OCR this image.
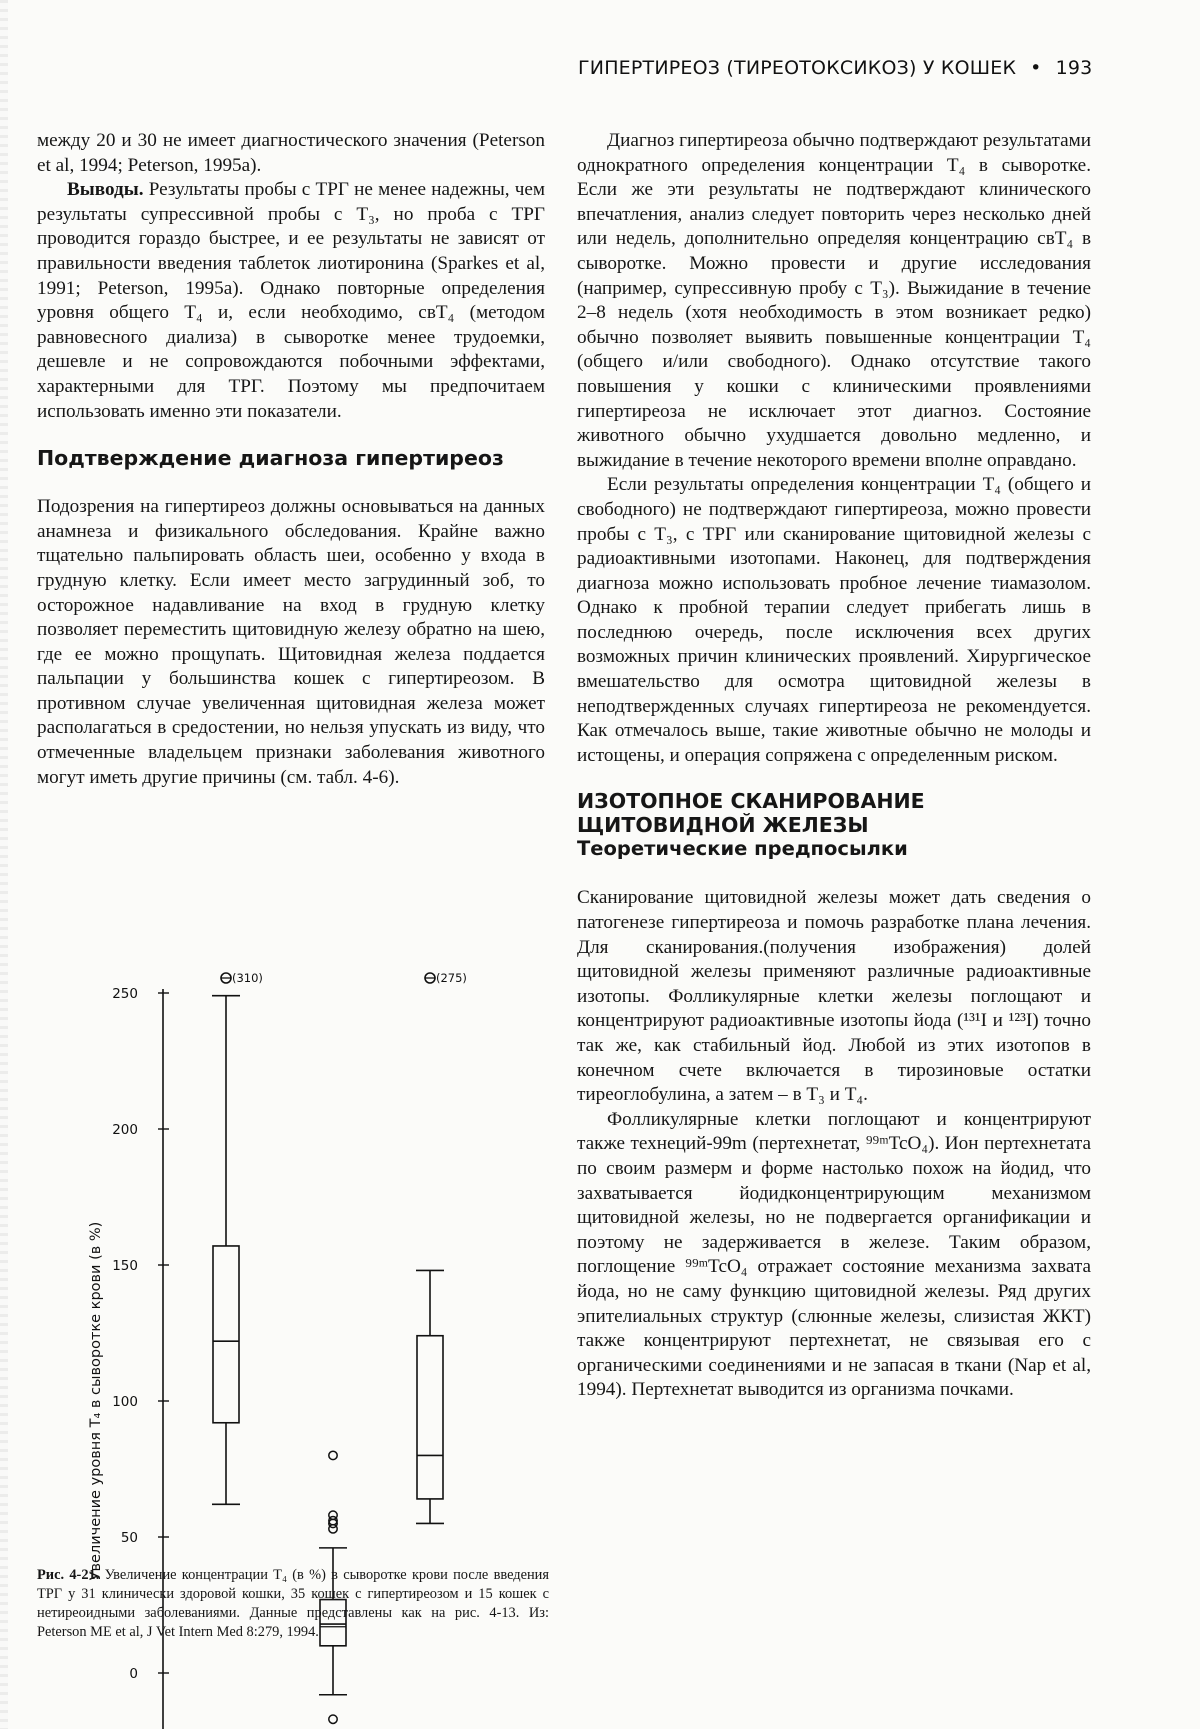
ГИПЕРТИРЕОЗ (ТИРЕОТОКСИКОЗ) У КОШЕК • 193

между 20 и 30 не имеет диагностического значения (Peterson et al, 1994; Peterson, 1995а).

Выводы. Результаты пробы с ТРГ не менее надежны, чем результаты супрессивной пробы с Т₃, но проба с ТРГ проводится гораздо быстрее, и ее результаты не зависят от правильности введения таблеток лиотиронина (Sparkes et al, 1991; Peterson, 1995a). Однако повторные определения уровня общего Т₄ и, если необходимо, свТ₄ (методом равновесного диализа) в сыворотке менее трудоемки, дешевле и не сопровождаются побочными эффектами, характерными для ТРГ. Поэтому мы предпочитаем использовать именно эти показатели.

Подтверждение диагноза гипертиреоз

Подозрения на гипертиреоз должны основываться на данных анамнеза и физикального обследования. Крайне важно тщательно пальпировать область шеи, особенно у входа в грудную клетку. Если имеет место загрудинный зоб, то осторожное надавливание на вход в грудную клетку позволяет переместить щитовидную железу обратно на шею, где ее можно прощупать. Щитовидная железа поддается пальпации у большинства кошек с гипертиреозом. В противном случае увеличенная щитовидная железа может располагаться в средостении, но нельзя упускать из виду, что отмеченные владельцем признаки заболевания животного могут иметь другие причины (см. табл. 4-6).

Диагноз гипертиреоза обычно подтверждают результатами однократного определения концентрации Т₄ в сыворотке. Если же эти результаты не подтверждают клинического впечатления, анализ следует повторить через несколько дней или недель, дополнительно определяя концентрацию свТ₄ в сыворотке. Можно провести и другие исследования (например, супрессивную пробу с Т₃). Выжидание в течение 2–8 недель (хотя необходимость в этом возникает редко) обычно позволяет выявить повышенные концентрации Т₄ (общего и/или свободного). Однако отсутствие такого повышения у кошки с клиническими проявлениями гипертиреоза не исключает этот диагноз. Состояние животного обычно ухудшается довольно медленно, и выжидание в течение некоторого времени вполне оправдано.

Если результаты определения концентрации Т₄ (общего и свободного) не подтверждают гипертиреоза, можно провести пробы с Т₃, с ТРГ или сканирование щитовидной железы с радиоактивными изотопами. Наконец, для подтверждения диагноза можно использовать пробное лечение тиамазолом. Однако к пробной терапии следует прибегать лишь в последнюю очередь, после исключения всех других возможных причин клинических проявлений. Хирургическое вмешательство для осмотра щитовидной железы в неподтвержденных случаях гипертиреоза не рекомендуется. Как отмечалось выше, такие животные обычно не молоды и истощены, и операция сопряжена с определенным риском.

ИЗОТОПНОЕ СКАНИРОВАНИЕ ЩИТОВИДНОЙ ЖЕЛЕЗЫ

Теоретические предпосылки

Сканирование щитовидной железы может дать сведения о патогенезе гипертиреоза и помочь разработке плана лечения. Для сканирования.(получения изображения) долей щитовидной железы применяют различные радиоактивные изотопы. Фолликулярные клетки железы поглощают и концентрируют радиоактивные изотопы йода (¹³¹I и ¹²³I) точно так же, как стабильный йод. Любой из этих изотопов в конечном счете включается в тирозиновые остатки тиреоглобулина, а затем – в Т₃ и Т₄.

Фолликулярные клетки поглощают и концентрируют также технеций-99m (пертехнетат, ⁹⁹ᵐTcO₄). Ион пертехнетата по своим размерм и форме настолько похож на йодид, что захватывается йодидконцентрирующим механизмом щитовидной железы, но не подвергается органификации и поэтому не задерживается в железе. Таким образом, поглощение ⁹⁹ᵐTcO₄ отражает состояние механизма захвата йода, но не саму функцию щитовидной железы. Ряд других эпителиальных структур (слюнные железы, слизистая ЖКТ) также концентрируют пертехнетат, не связывая его с органическими соединениями и не запасая в ткани (Nap et al, 1994). Пертехнетат выводится из организма почками.

250
200
150
100
50
0
Увеличение уровня Т₄ в сыворотке крови (в %)
(310)	(275)
Рис. 4-21. Увеличение концентрации Т₄ (в %) в сыворотке крови после введения ТРГ у 31 клинически здоровой кошки, 35 кошек с гипертиреозом и 15 кошек с нетиреоидными заболеваниями. Данные представлены как на рис. 4-13. Из: Peterson ME et al, J Vet Intern Med 8:279, 1994.
